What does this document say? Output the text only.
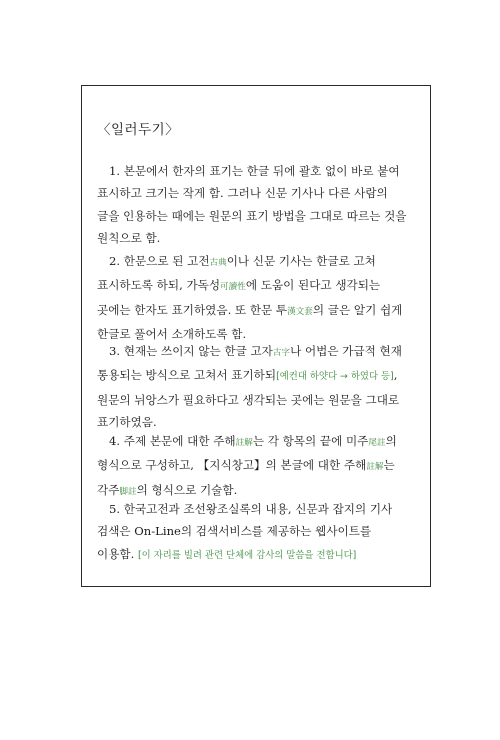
〈일러두기〉
1. 본문에서 한자의 표기는 한글 뒤에 괄호 없이 바로 붙여
표시하고 크기는 작게 함. 그러나 신문 기사나 다른 사람의
글을 인용하는 때에는 원문의 표기 방법을 그대로 따르는 것을
원칙으로 함.
2. 한문으로 된 고전古典이나 신문 기사는 한글로 고쳐
표시하도록 하되, 가독성可讀性에 도움이 된다고 생각되는
곳에는 한자도 표기하였음. 또 한문 투漢文套의 글은 알기 쉽게
한글로 풀어서 소개하도록 함.
3. 현재는 쓰이지 않는 한글 고자古字나 어법은 가급적 현재
통용되는 방식으로 고쳐서 표기하되[예컨대 하얏다 → 하였다 등],
원문의 뉘앙스가 필요하다고 생각되는 곳에는 원문을 그대로
표기하였음.
4. 주제 본문에 대한 주해註解는 각 항목의 끝에 미주尾註의
형식으로 구성하고, 【지식창고】의 본글에 대한 주해註解는
각주脚註의 형식으로 기술함.
5. 한국고전과 조선왕조실록의 내용, 신문과 잡지의 기사
검색은 On-Line의 검색서비스를 제공하는 웹사이트를
이용함. [이 자리를 빌려 관련 단체에 감사의 말씀을 전합니다]
